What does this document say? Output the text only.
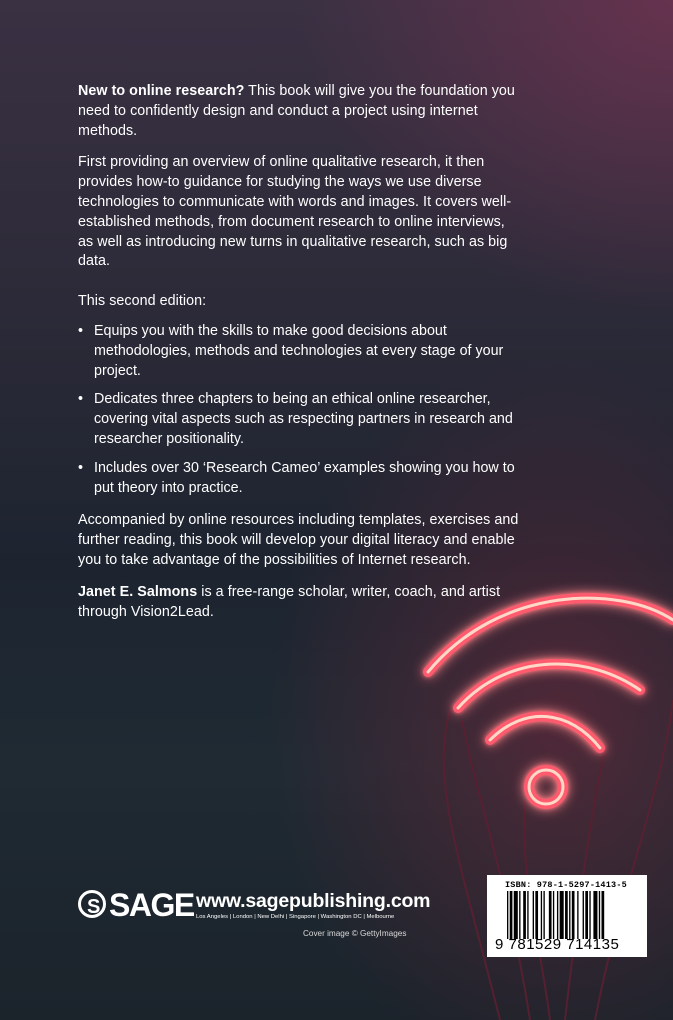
New to online research? This book will give you the foundation you need to confidently design and conduct a project using internet methods.

First providing an overview of online qualitative research, it then provides how-to guidance for studying the ways we use diverse technologies to communicate with words and images. It covers well-established methods, from document research to online interviews, as well as introducing new turns in qualitative research, such as big data.

This second edition:

• Equips you with the skills to make good decisions about methodologies, methods and technologies at every stage of your project.
• Dedicates three chapters to being an ethical online researcher, covering vital aspects such as respecting partners in research and researcher positionality.
• Includes over 30 ‘Research Cameo’ examples showing you how to put theory into practice.

Accompanied by online resources including templates, exercises and further reading, this book will develop your digital literacy and enable you to take advantage of the possibilities of Internet research.

Janet E. Salmons is a free-range scholar, writer, coach, and artist through Vision2Lead.

S SAGE www.sagepublishing.com
Los Angeles | London | New Delhi | Singapore | Washington DC | Melbourne
Cover image © GettyImages
ISBN: 978-1-5297-1413-5
9 781529 714135
